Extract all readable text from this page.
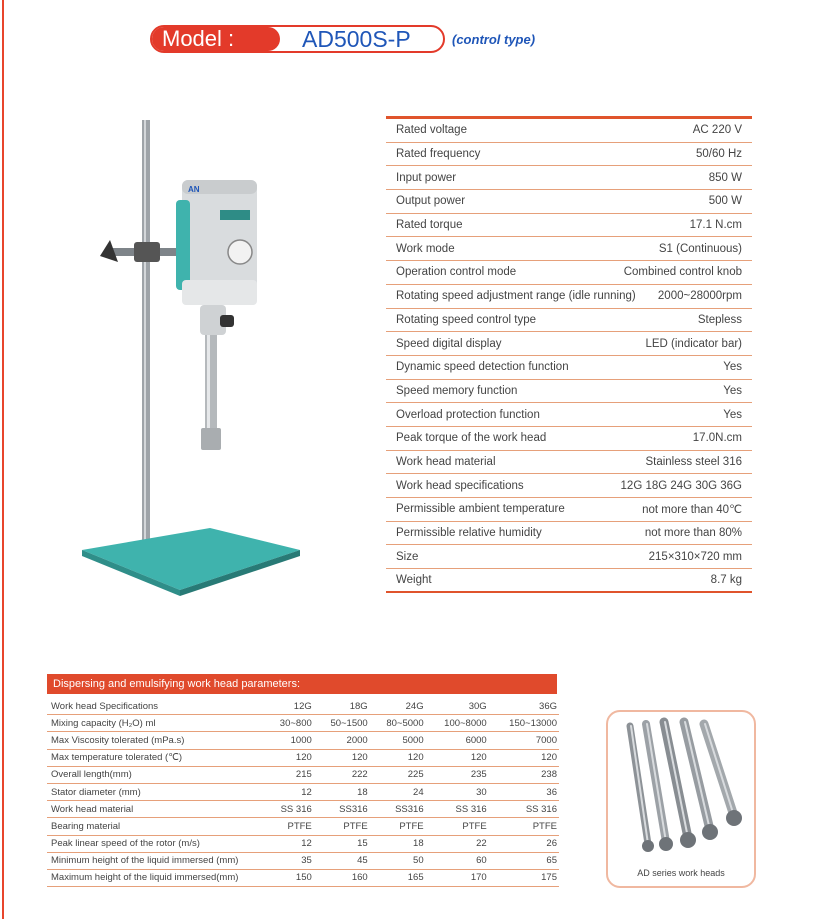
Model :	AD500S-P	(control type)
AN
Rated voltage	AC 220 V
Rated frequency	50/60 Hz
Input power	850 W
Output power	500 W
Rated torque	17.1 N.cm
Work mode	S1 (Continuous)
Operation control mode	Combined control knob
Rotating speed adjustment range (idle running) 2000~28000rpm
Rotating speed control type	Stepless
Speed digital display	LED (indicator bar)
Dynamic speed detection function	Yes
Speed memory function	Yes
Overload protection function	Yes
Peak torque of the work head	17.0N.cm
Work head material	Stainless steel 316
Work head specifications	12G 18G 24G 30G 36G
Permissible ambient temperature	not more than 40℃
Permissible relative humidity	not more than 80%
Size	215×310×720 mm
Weight	8.7 kg
Dispersing and emulsifying work head parameters:
Work head Specifications	12G	18G	24G	30G	36G
Mixing capacity (H₂O) ml	30~800	50~1500	80~5000	100~8000	150~13000
Max Viscosity tolerated (mPa.s)	1000	2000	5000	6000	7000
Max temperature tolerated (℃)	120	120	120	120	120
Overall length(mm)	215	222	225	235	238
Stator diameter (mm)	12	18	24	30	36
Work head material	SS 316	SS316	SS316	SS 316	SS 316
Bearing material	PTFE	PTFE	PTFE	PTFE	PTFE
Peak linear speed of the rotor (m/s)	12	15	18	22	26
Minimum height of the liquid immersed (mm)	35	45	50	60	65
Maximum height of the liquid immersed(mm)	150	160	165	170	175	AD series work heads
